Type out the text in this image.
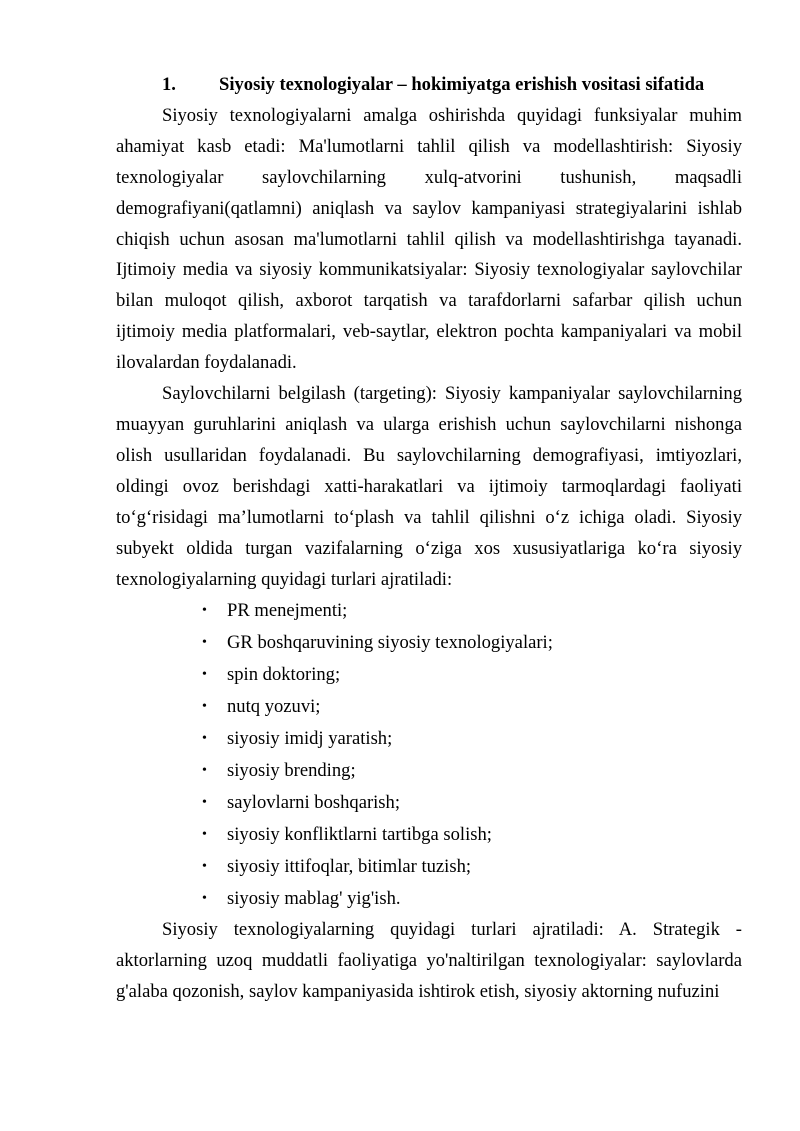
1. Siyosiy texnologiyalar – hokimiyatga erishish vositasi sifatida

Siyosiy texnologiyalarni amalga oshirishda quyidagi funksiyalar muhim ahamiyat kasb etadi: Ma'lumotlarni tahlil qilish va modellashtirish: Siyosiy texnologiyalar saylovchilarning xulq-atvorini tushunish, maqsadli demografiyani(qatlamni) aniqlash va saylov kampaniyasi strategiyalarini ishlab chiqish uchun asosan ma'lumotlarni tahlil qilish va modellashtirishga tayanadi. Ijtimoiy media va siyosiy kommunikatsiyalar: Siyosiy texnologiyalar saylovchilar bilan muloqot qilish, axborot tarqatish va tarafdorlarni safarbar qilish uchun ijtimoiy media platformalari, veb-saytlar, elektron pochta kampaniyalari va mobil ilovalardan foydalanadi.

Saylovchilarni belgilash (targeting): Siyosiy kampaniyalar saylovchilarning muayyan guruhlarini aniqlash va ularga erishish uchun saylovchilarni nishonga olish usullaridan foydalanadi. Bu saylovchilarning demografiyasi, imtiyozlari, oldingi ovoz berishdagi xatti-harakatlari va ijtimoiy tarmoqlardagi faoliyati to‘g‘risidagi ma’lumotlarni to‘plash va tahlil qilishni o‘z ichiga oladi. Siyosiy subyekt oldida turgan vazifalarning o‘ziga xos xususiyatlariga ko‘ra siyosiy texnologiyalarning quyidagi turlari ajratiladi:

• PR menejmenti;
• GR boshqaruvining siyosiy texnologiyalari;
• spin doktoring;
• nutq yozuvi;
• siyosiy imidj yaratish;
• siyosiy brending;
• saylovlarni boshqarish;
• siyosiy konfliktlarni tartibga solish;
• siyosiy ittifoqlar, bitimlar tuzish;
• siyosiy mablag' yig'ish.

Siyosiy texnologiyalarning quyidagi turlari ajratiladi: A. Strategik - aktorlarning uzoq muddatli faoliyatiga yo'naltirilgan texnologiyalar: saylovlarda g'alaba qozonish, saylov kampaniyasida ishtirok etish, siyosiy aktorning nufuzini
